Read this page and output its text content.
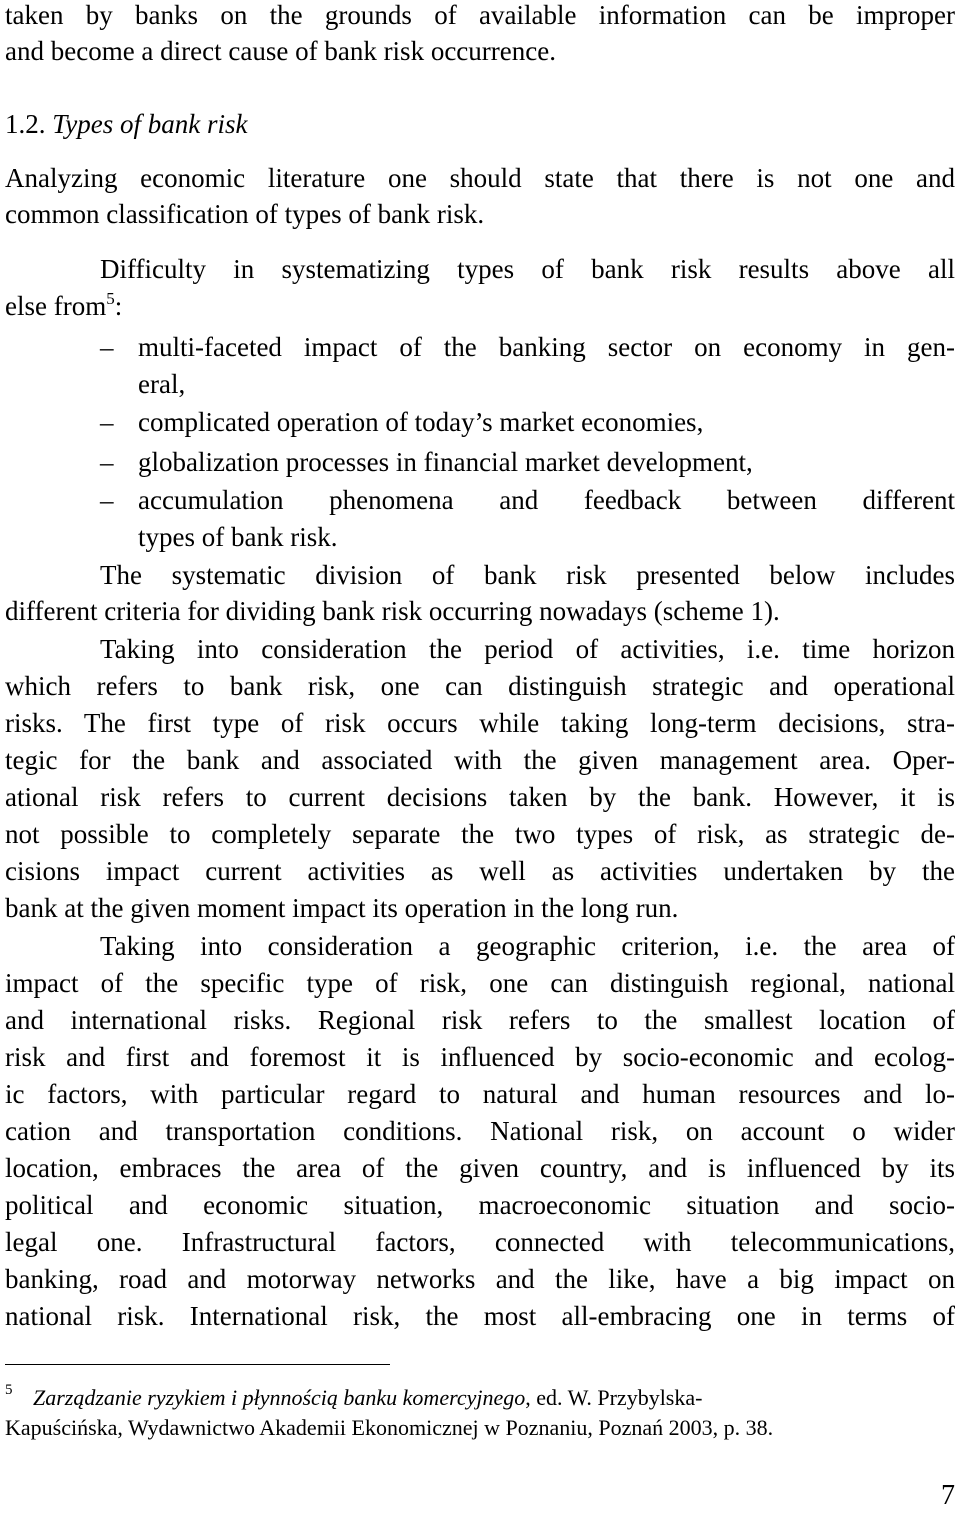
taken by banks on the grounds of available information can be improper
and become a direct cause of bank risk occurrence.
1.2. Types of bank risk
Analyzing economic literature one should state that there is not one and
common classification of types of bank risk.
Difficulty in systematizing types of bank risk results above all
else from$^5$:
– multi-faceted impact of the banking sector on economy in gen-
eral,
– complicated operation of today’s market economies,
– globalization processes in financial market development,
– accumulation phenomena and feedback between different
types of bank risk.
The systematic division of bank risk presented below includes
different criteria for dividing bank risk occurring nowadays (scheme 1).
Taking into consideration the period of activities, i.e. time horizon
which refers to bank risk, one can distinguish strategic and operational
risks. The first type of risk occurs while taking long-term decisions, stra-
tegic for the bank and associated with the given management area. Oper-
ational risk refers to current decisions taken by the bank. However, it is
not possible to completely separate the two types of risk, as strategic de-
cisions impact current activities as well as activities undertaken by the
bank at the given moment impact its operation in the long run.
Taking into consideration a geographic criterion, i.e. the area of
impact of the specific type of risk, one can distinguish regional, national
and international risks. Regional risk refers to the smallest location of
risk and first and foremost it is influenced by socio-economic and ecolog-
ic factors, with particular regard to natural and human resources and lo-
cation and transportation conditions. National risk, on account o wider
location, embraces the area of the given country, and is influenced by its
political and economic situation, macroeconomic situation and socio-
legal one. Infrastructural factors, connected with telecommunications,
banking, road and motorway networks and the like, have a big impact on
national risk. International risk, the most all-embracing one in terms of
5 Zarządzanie ryzykiem i płynnością banku komercyjnego, ed. W. Przybylska-
Kapuścińska, Wydawnictwo Akademii Ekonomicznej w Poznaniu, Poznań 2003, p. 38.
7
